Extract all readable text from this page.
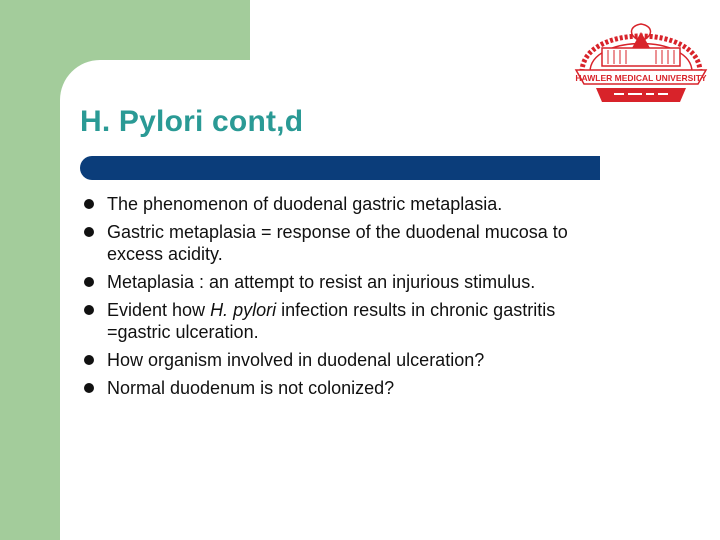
H. Pylori cont,d
HAWLER MEDICAL UNIVERSITY
The phenomenon of duodenal gastric metaplasia.
Gastric metaplasia = response of the duodenal mucosa to
excess acidity.
Metaplasia : an attempt to resist an injurious stimulus.
Evident how H. pylori infection results in chronic gastritis
=gastric ulceration.
How organism involved in duodenal ulceration?
Normal duodenum is not colonized?
